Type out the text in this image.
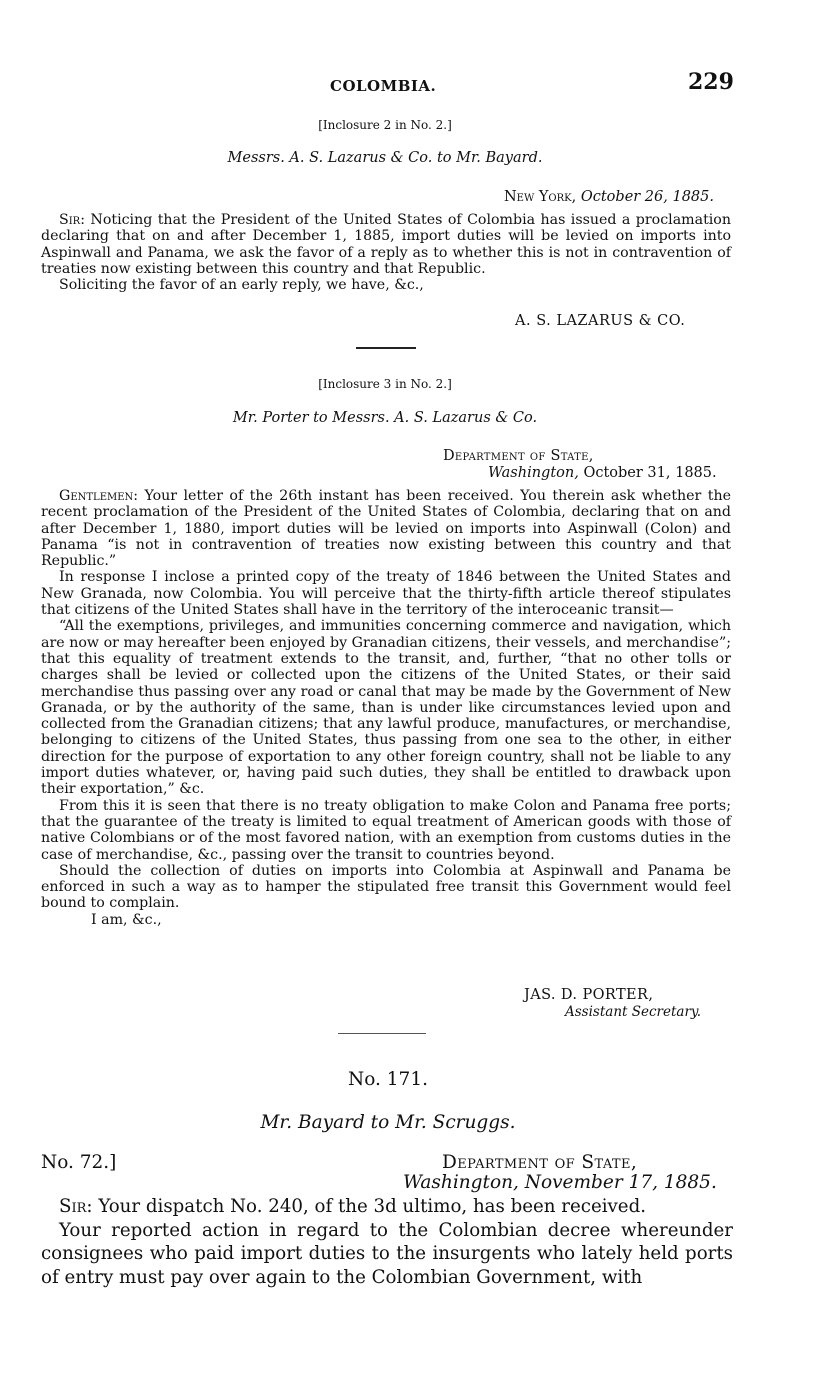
COLOMBIA.	229
[Inclosure 2 in No. 2.]
Messrs. A. S. Lazarus & Co. to Mr. Bayard.
New York, October 26, 1885.

Sir: Noticing that the President of the United States of Colombia has issued a proclamation declaring that on and after December 1, 1885, import duties will be levied on imports into Aspinwall and Panama, we ask the favor of a reply as to whether this is not in contravention of treaties now existing between this country and that Republic.

Soliciting the favor of an early reply, we have, &c.,

A. S. LAZARUS & CO.
[Inclosure 3 in No. 2.]
Mr. Porter to Messrs. A. S. Lazarus & Co.
Department of State,
Washington, October 31, 1885.

Gentlemen: Your letter of the 26th instant has been received. You therein ask whether the recent proclamation of the President of the United States of Colombia, declaring that on and after December 1, 1880, import duties will be levied on imports into Aspinwall (Colon) and Panama “is not in contravention of treaties now existing between this country and that Republic.”

In response I inclose a printed copy of the treaty of 1846 between the United States and New Granada, now Colombia. You will perceive that the thirty-fifth article thereof stipulates that citizens of the United States shall have in the territory of the interoceanic transit—

“All the exemptions, privileges, and immunities concerning commerce and navigation, which are now or may hereafter been enjoyed by Granadian citizens, their vessels, and merchandise”; that this equality of treatment extends to the transit, and, further, “that no other tolls or charges shall be levied or collected upon the citizens of the United States, or their said merchandise thus passing over any road or canal that may be made by the Government of New Granada, or by the authority of the same, than is under like circumstances levied upon and collected from the Granadian citizens; that any lawful produce, manufactures, or merchandise, belonging to citizens of the United States, thus passing from one sea to the other, in either direction for the purpose of exportation to any other foreign country, shall not be liable to any import duties whatever, or, having paid such duties, they shall be entitled to drawback upon their exportation,” &c.

From this it is seen that there is no treaty obligation to make Colon and Panama free ports; that the guarantee of the treaty is limited to equal treatment of American goods with those of native Colombians or of the most favored nation, with an exemption from customs duties in the case of merchandise, &c., passing over the transit to countries beyond.

Should the collection of duties on imports into Colombia at Aspinwall and Panama be enforced in such a way as to hamper the stipulated free transit this Government would feel bound to complain.

I am, &c.,

JAS. D. PORTER,
Assistant Secretary.
No. 171.
Mr. Bayard to Mr. Scruggs.
No. 72.]	Department of State,
Washington, November 17, 1885.

Sir: Your dispatch No. 240, of the 3d ultimo, has been received.

Your reported action in regard to the Colombian decree whereunder consignees who paid import duties to the insurgents who lately held ports of entry must pay over again to the Colombian Government, with
